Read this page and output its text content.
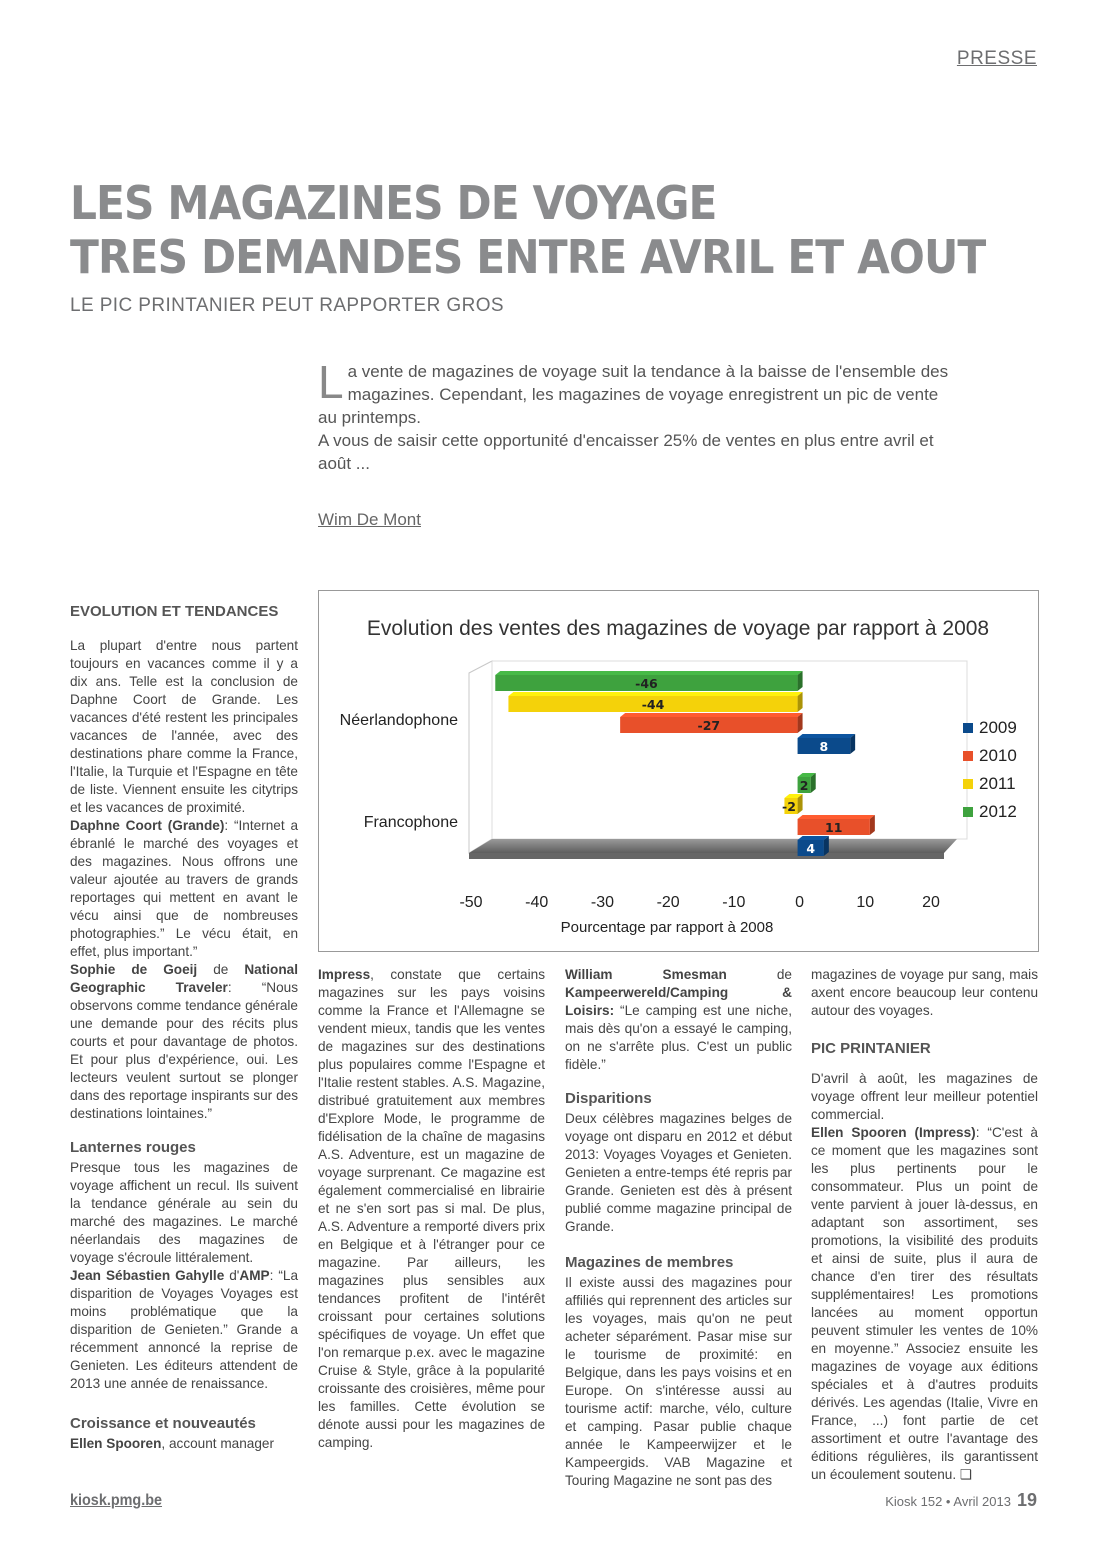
PRESSE
LES MAGAZINES DE VOYAGE
TRES DEMANDES ENTRE AVRIL ET AOUT
LE PIC PRINTANIER PEUT RAPPORTER GROS

La vente de magazines de voyage suit la tendance à la baisse de l'ensemble des magazines. Cependant, les magazines de voyage enregistrent un pic de vente au printemps.

A vous de saisir cette opportunité d'encaisser 25% de ventes en plus entre avril et août ...

Wim De Mont
EVOLUTION ET TENDANCES

La plupart d'entre nous partent toujours en vacances comme il y a dix ans. Telle est la conclusion de Daphne Coort de Grande. Les vacances d'été restent les principales vacances de l'année, avec des destinations phare comme la France, l'Italie, la Turquie et l'Espagne en tête de liste. Viennent ensuite les citytrips et les vacances de proximité.

Daphne Coort (Grande): “Internet a ébranlé le marché des voyages et des magazines. Nous offrons une valeur ajoutée au travers de grands reportages qui mettent en avant le vécu ainsi que de nombreuses photographies.” Le vécu était, en effet, plus important.”

Sophie de Goeij de National Geographic Traveler: “Nous observons comme tendance générale une demande pour des récits plus courts et pour davantage de photos. Et pour plus d'expérience, oui. Les lecteurs veulent surtout se plonger dans des reportage inspirants sur des destinations lointaines.”

Lanternes rouges

Presque tous les magazines de voyage affichent un recul. Ils suivent la tendance générale au sein du marché des magazines. Le marché néerlandais des magazines de voyage s'écroule littéralement.

Jean Sébastien Gahylle d'AMP: “La disparition de Voyages Voyages est moins problématique que la disparition de Genieten.” Grande a récemment annoncé la reprise de Genieten. Les éditeurs attendent de 2013 une année de renaissance.

Croissance et nouveautés

Ellen Spooren, account manager

Evolution des ventes des magazines de voyage par rapport à 2008
Néerlandophone
-46
-44
-27
8
Francophone
2
-2
11
4
-50	-40	-30	-20	-10	0	10	20
Pourcentage par rapport à 2008
2009
2010
2011
2012

Impress, constate que certains magazines sur les pays voisins comme la France et l'Allemagne se vendent mieux, tandis que les ventes de magazines sur des destinations plus populaires comme l'Espagne et l'Italie restent stables. A.S. Magazine, distribué gratuitement aux membres d'Explore Mode, le programme de fidélisation de la chaîne de magasins A.S. Adventure, est un magazine de voyage surprenant. Ce magazine est également commercialisé en librairie et ne s'en sort pas si mal. De plus, A.S. Adventure a remporté divers prix en Belgique et à l'étranger pour ce magazine. Par ailleurs, les magazines plus sensibles aux tendances profitent de l'intérêt croissant pour certaines solutions spécifiques de voyage. Un effet que l'on remarque p.ex. avec le magazine Cruise & Style, grâce à la popularité croissante des croisières, même pour les familles. Cette évolution se dénote aussi pour les magazines de camping.

William Smesman de Kampeerwereld/Camping & Loisirs: “Le camping est une niche, mais dès qu'on a essayé le camping, on ne s'arrête plus. C'est un public fidèle.”

Disparitions

Deux célèbres magazines belges de voyage ont disparu en 2012 et début 2013: Voyages Voyages et Genieten. Genieten a entre-temps été repris par Grande. Genieten est dès à présent publié comme magazine principal de Grande.

Magazines de membres

Il existe aussi des magazines pour affiliés qui reprennent des articles sur les voyages, mais qu'on ne peut acheter séparément. Pasar mise sur le tourisme de proximité: en Belgique, dans les pays voisins et en Europe. On s'intéresse aussi au tourisme actif: marche, vélo, culture et camping. Pasar publie chaque année le Kampeerwijzer et le Kampeergids. VAB Magazine et Touring Magazine ne sont pas des

magazines de voyage pur sang, mais axent encore beaucoup leur contenu autour des voyages.

PIC PRINTANIER

D'avril à août, les magazines de voyage offrent leur meilleur potentiel commercial.

Ellen Spooren (Impress): “C'est à ce moment que les magazines sont les plus pertinents pour le consommateur. Plus un point de vente parvient à jouer là-dessus, en adaptant son assortiment, ses promotions, la visibilité des produits et ainsi de suite, plus il aura de chance d'en tirer des résultats supplémentaires! Les promotions lancées au moment opportun peuvent stimuler les ventes de 10% en moyenne.” Associez ensuite les magazines de voyage aux éditions spéciales et à d'autres produits dérivés. Les agendas (Italie, Vivre en France, ...) font partie de cet assortiment et outre l'avantage des éditions régulières, ils garantissent un écoulement soutenu. ❑

kiosk.pmg.be	Kiosk 152 • Avril 2013 19
